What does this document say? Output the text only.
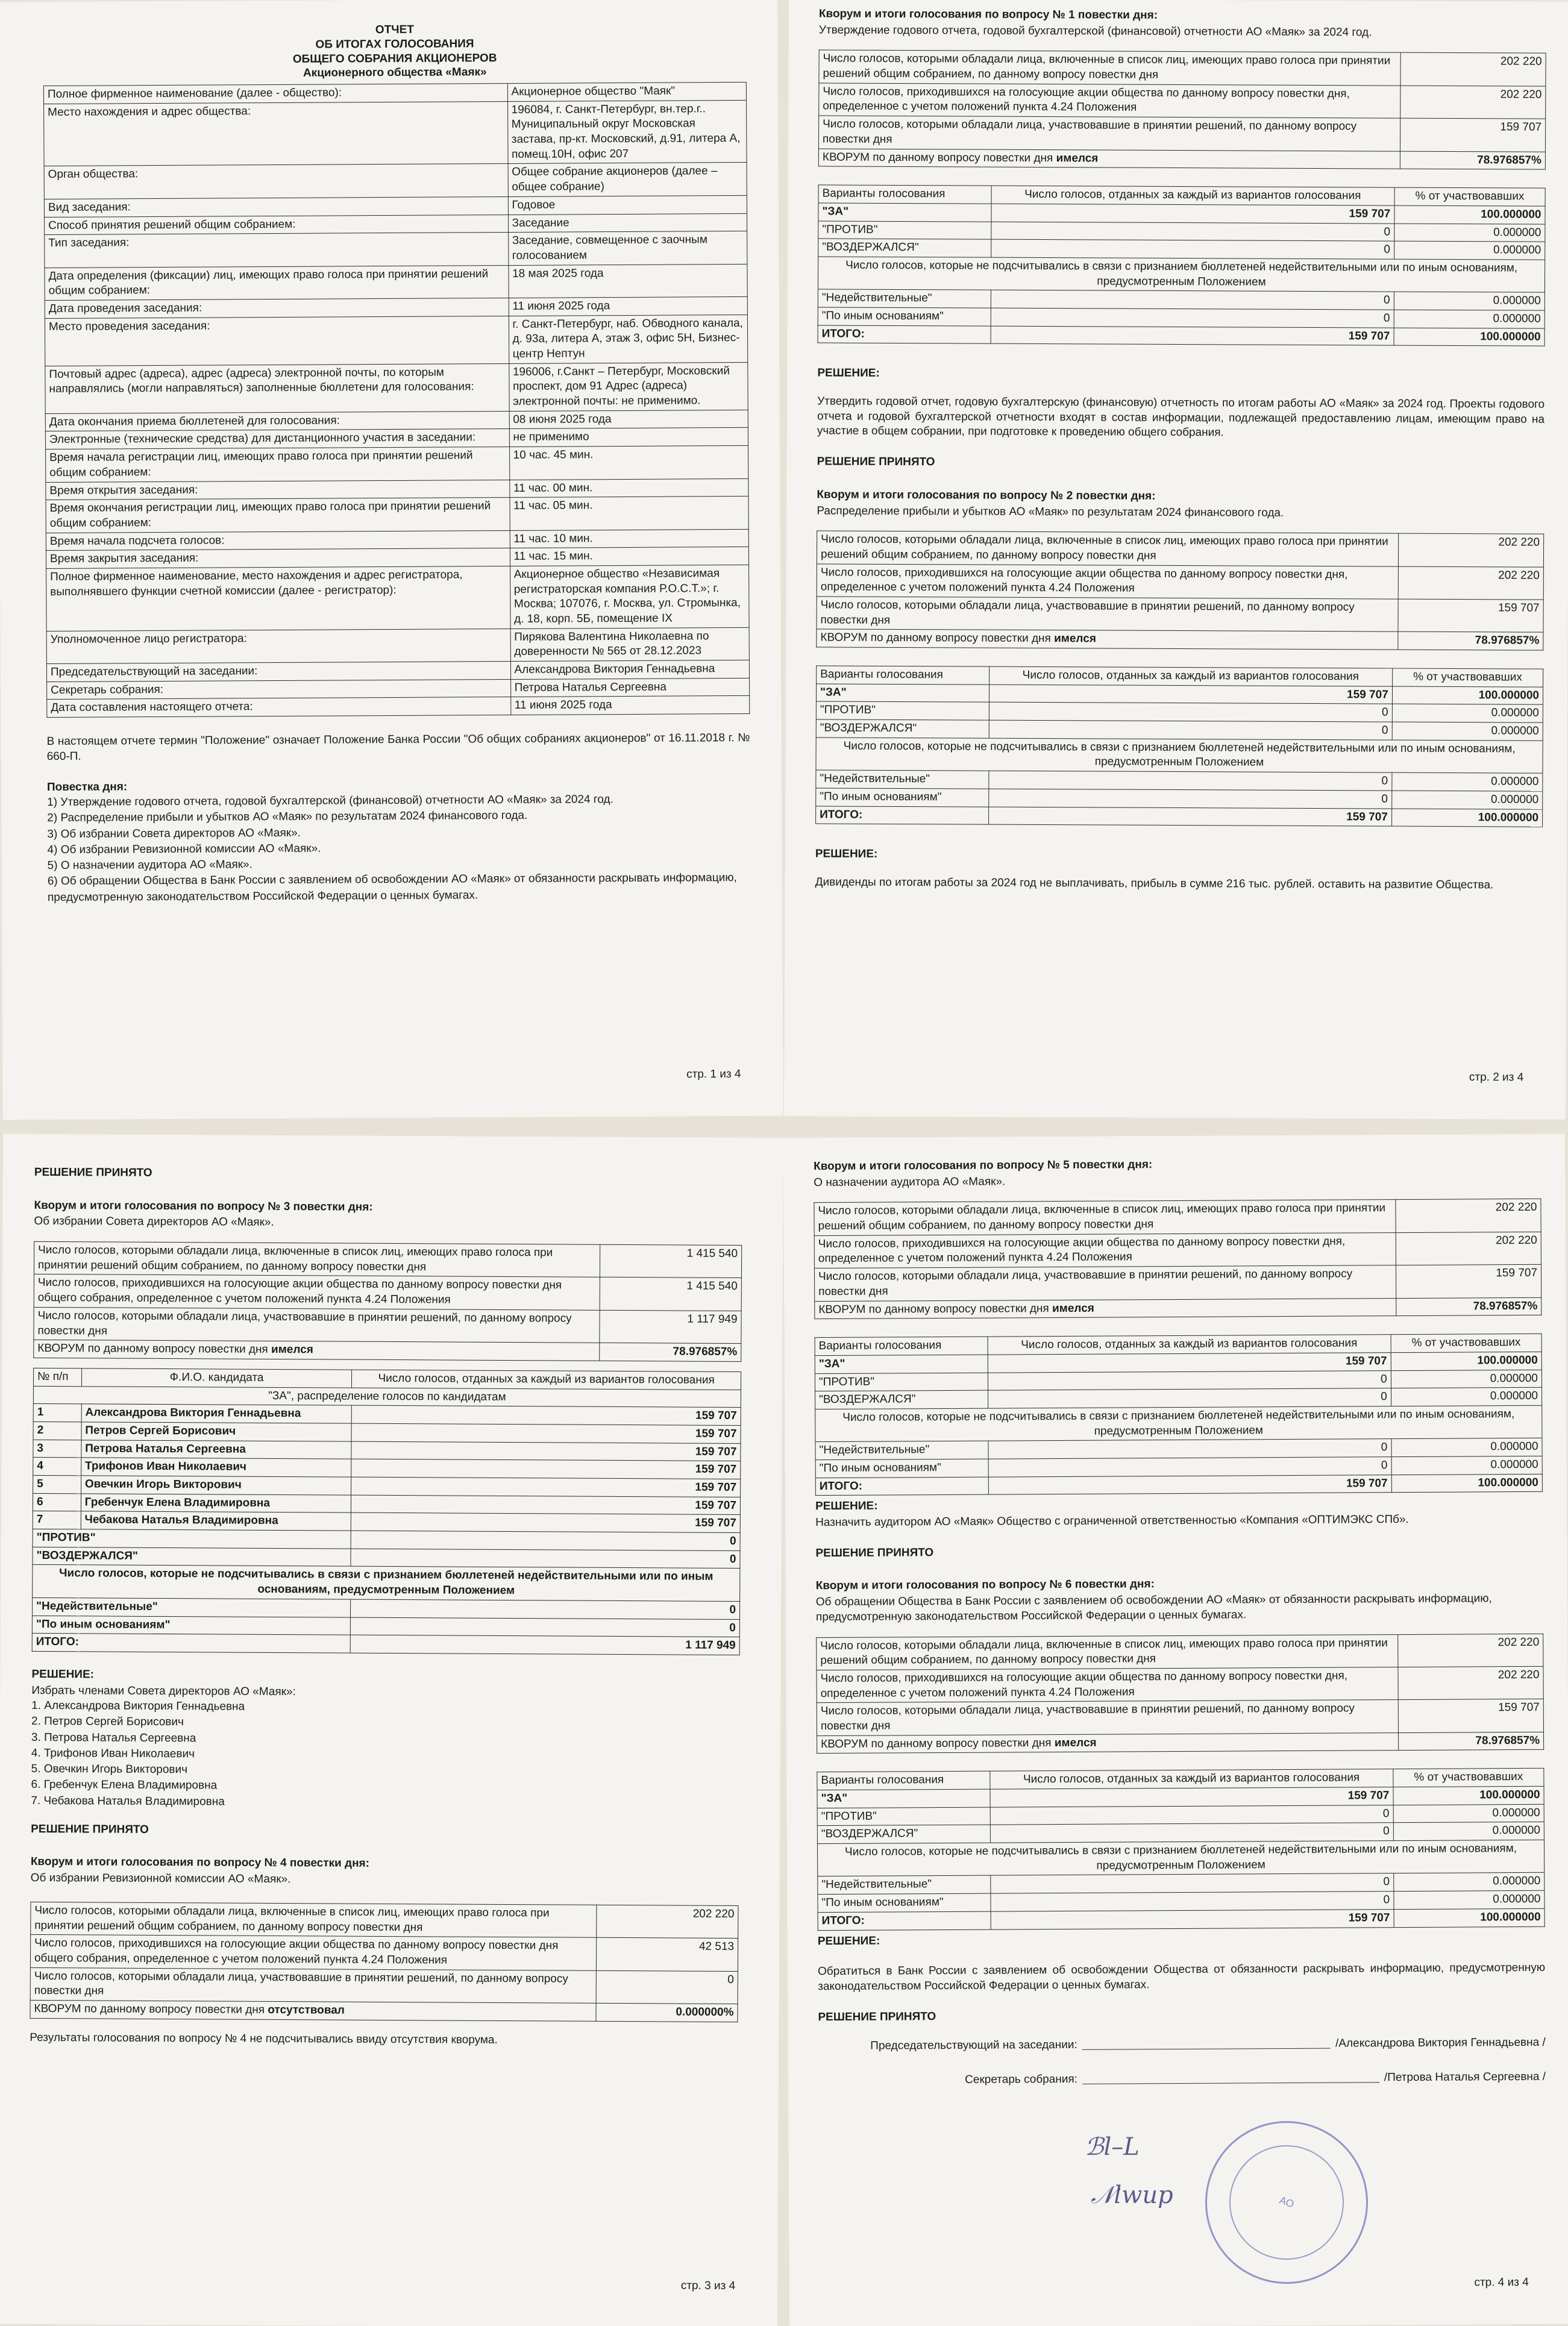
ОТЧЕТ
ОБ ИТОГАХ ГОЛОСОВАНИЯ
ОБЩЕГО СОБРАНИЯ АКЦИОНЕРОВ
Акционерного общества «Маяк»
Полное фирменное наименование (далее - общество):	Акционерное общество "Маяк"
Место нахождения и адрес общества:	196084, г. Санкт-Петербург, вн.тер.г.. Муниципальный округ Московская застава, пр-кт. Московский, д.91, литера А, помещ.10Н, офис 207
Орган общества:	Общее собрание акционеров (далее – общее собрание)
Вид заседания:	Годовое
Способ принятия решений общим собранием:	Заседание
Тип заседания:	Заседание, совмещенное с заочным голосованием
Дата определения (фиксации) лиц, имеющих право голоса при принятии решений общим собранием:	18 мая 2025 года
Дата проведения заседания:	11 июня 2025 года
Место проведения заседания:	г. Санкт-Петербург, наб. Обводного канала, д. 93а, литера А, этаж 3, офис 5Н, Бизнес-центр Нептун
Почтовый адрес (адреса), адрес (адреса) электронной почты, по которым направлялись (могли направляться) заполненные бюллетени для голосования:	196006, г.Санкт – Петербург, Московский проспект, дом 91 Адрес (адреса) электронной почты: не применимо.
Дата окончания приема бюллетеней для голосования:	08 июня 2025 года
Электронные (технические средства) для дистанционного участия в заседании:	не применимо
Время начала регистрации лиц, имеющих право голоса при принятии решений общим собранием:	10 час. 45 мин.
Время открытия заседания:	11 час. 00 мин.
Время окончания регистрации лиц, имеющих право голоса при принятии решений общим собранием:	11 час. 05 мин.
Время начала подсчета голосов:	11 час. 10 мин.
Время закрытия заседания:	11 час. 15 мин.
Полное фирменное наименование, место нахождения и адрес регистратора, выполнявшего функции счетной комиссии (далее - регистратор):	Акционерное общество «Независимая регистраторская компания Р.О.С.Т.»; г. Москва; 107076, г. Москва, ул. Стромынка, д. 18, корп. 5Б, помещение IX
Уполномоченное лицо регистратора:	Пирякова Валентина Николаевна по доверенности № 565 от 28.12.2023
Председательствующий на заседании:	Александрова Виктория Геннадьевна
Секретарь собрания:	Петрова Наталья Сергеевна
Дата составления настоящего отчета:	11 июня 2025 года

В настоящем отчете термин "Положение" означает Положение Банка России "Об общих собраниях акционеров" от 16.11.2018 г. № 660-П.

Повестка дня:
1) Утверждение годового отчета, годовой бухгалтерской (финансовой) отчетности АО «Маяк» за 2024 год.
2) Распределение прибыли и убытков АО «Маяк» по результатам 2024 финансового года.
3) Об избрании Совета директоров АО «Маяк».
4) Об избрании Ревизионной комиссии АО «Маяк».
5) О назначении аудитора АО «Маяк».
6) Об обращении Общества в Банк России с заявлением об освобождении АО «Маяк» от обязанности раскрывать информацию, предусмотренную законодательством Российской Федерации о ценных бумагах.
стр. 1 из 4
Кворум и итоги голосования по вопросу № 1 повестки дня:
Утверждение годового отчета, годовой бухгалтерской (финансовой) отчетности АО «Маяк» за 2024 год.
Число голосов, которыми обладали лица, включенные в список лиц, имеющих право голоса при принятии решений общим собранием, по данному вопросу повестки дня	202 220
Число голосов, приходившихся на голосующие акции общества по данному вопросу повестки дня, определенное с учетом положений пункта 4.24 Положения	202 220
Число голосов, которыми обладали лица, участвовавшие в принятии решений, по данному вопросу повестки дня	159 707
КВОРУМ по данному вопросу повестки дня имелся	78.976857%
Варианты голосования	Число голосов, отданных за каждый из вариантов голосования	% от участвовавших
"ЗА"	159 707	100.000000
"ПРОТИВ"	0	0.000000
"ВОЗДЕРЖАЛСЯ"	0	0.000000
Число голосов, которые не подсчитывались в связи с признанием бюллетеней недействительными или по иным основаниям, предусмотренным Положением		
"Недействительные"	0	0.000000
"По иным основаниям"	0	0.000000
ИТОГО:	159 707	100.000000
РЕШЕНИЕ:

Утвердить годовой отчет, годовую бухгалтерскую (финансовую) отчетность по итогам работы АО «Маяк» за 2024 год. Проекты годового отчета и годовой бухгалтерской отчетности входят в состав информации, подлежащей предоставлению лицам, имеющим право на участие в общем собрании, при подготовке к проведению общего собрания.

РЕШЕНИЕ ПРИНЯТО
Кворум и итоги голосования по вопросу № 2 повестки дня:
Распределение прибыли и убытков АО «Маяк» по результатам 2024 финансового года.
Число голосов, которыми обладали лица, включенные в список лиц, имеющих право голоса при принятии решений общим собранием, по данному вопросу повестки дня	202 220
Число голосов, приходившихся на голосующие акции общества по данному вопросу повестки дня, определенное с учетом положений пункта 4.24 Положения	202 220
Число голосов, которыми обладали лица, участвовавшие в принятии решений, по данному вопросу повестки дня	159 707
КВОРУМ по данному вопросу повестки дня имелся	78.976857%
Варианты голосования	Число голосов, отданных за каждый из вариантов голосования	% от участвовавших
"ЗА"	159 707	100.000000
"ПРОТИВ"	0	0.000000
"ВОЗДЕРЖАЛСЯ"	0	0.000000
Число голосов, которые не подсчитывались в связи с признанием бюллетеней недействительными или по иным основаниям, предусмотренным Положением		
"Недействительные"	0	0.000000
"По иным основаниям"	0	0.000000
ИТОГО:	159 707	100.000000
РЕШЕНИЕ:

Дивиденды по итогам работы за 2024 год не выплачивать, прибыль в сумме 216 тыс. рублей. оставить на развитие Общества.

стр. 2 из 4
РЕШЕНИЕ ПРИНЯТО
Кворум и итоги голосования по вопросу № 3 повестки дня:
Об избрании Совета директоров АО «Маяк».
Число голосов, которыми обладали лица, включенные в список лиц, имеющих право голоса при принятии решений общим собранием, по данному вопросу повестки дня	1 415 540
Число голосов, приходившихся на голосующие акции общества по данному вопросу повестки дня общего собрания, определенное с учетом положений пункта 4.24 Положения	1 415 540
Число голосов, которыми обладали лица, участвовавшие в принятии решений, по данному вопросу повестки дня	1 117 949
КВОРУМ по данному вопросу повестки дня имелся	78.976857%
№ п/п	Ф.И.О. кандидата	Число голосов, отданных за каждый из вариантов голосования
"ЗА", распределение голосов по кандидатам		
1	Александрова Виктория Геннадьевна	159 707
2	Петров Сергей Борисович	159 707
3	Петрова Наталья Сергеевна	159 707
4	Трифонов Иван Николаевич	159 707
5	Овечкин Игорь Викторович	159 707
6	Гребенчук Елена Владимировна	159 707
7	Чебакова Наталья Владимировна	159 707
"ПРОТИВ"		0
"ВОЗДЕРЖАЛСЯ"		0
Число голосов, которые не подсчитывались в связи с признанием бюллетеней недействительными или по иным основаниям, предусмотренным Положением		
"Недействительные"		0
"По иным основаниям"		0
ИТОГО:		1 117 949
РЕШЕНИЕ:
Избрать членами Совета директоров АО «Маяк»:
1. Александрова Виктория Геннадьевна
2. Петров Сергей Борисович
3. Петрова Наталья Сергеевна
4. Трифонов Иван Николаевич
5. Овечкин Игорь Викторович
6. Гребенчук Елена Владимировна
7. Чебакова Наталья Владимировна
РЕШЕНИЕ ПРИНЯТО
Кворум и итоги голосования по вопросу № 4 повестки дня:
Об избрании Ревизионной комиссии АО «Маяк».
Число голосов, которыми обладали лица, включенные в список лиц, имеющих право голоса при принятии решений общим собранием, по данному вопросу повестки дня	202 220
Число голосов, приходившихся на голосующие акции общества по данному вопросу повестки дня общего собрания, определенное с учетом положений пункта 4.24 Положения	42 513
Число голосов, которыми обладали лица, участвовавшие в принятии решений, по данному вопросу повестки дня	0
КВОРУМ по данному вопросу повестки дня отсутствовал	0.000000%

Результаты голосования по вопросу № 4 не подсчитывались ввиду отсутствия кворума.

стр. 3 из 4
Кворум и итоги голосования по вопросу № 5 повестки дня:
О назначении аудитора АО «Маяк».
Число голосов, которыми обладали лица, включенные в список лиц, имеющих право голоса при принятии решений общим собранием, по данному вопросу повестки дня	202 220
Число голосов, приходившихся на голосующие акции общества по данному вопросу повестки дня, определенное с учетом положений пункта 4.24 Положения	202 220
Число голосов, которыми обладали лица, участвовавшие в принятии решений, по данному вопросу повестки дня	159 707
КВОРУМ по данному вопросу повестки дня имелся	78.976857%
Варианты голосования	Число голосов, отданных за каждый из вариантов голосования	% от участвовавших
"ЗА"	159 707	100.000000
"ПРОТИВ"	0	0.000000
"ВОЗДЕРЖАЛСЯ"	0	0.000000
Число голосов, которые не подсчитывались в связи с признанием бюллетеней недействительными или по иным основаниям, предусмотренным Положением		
"Недействительные"	0	0.000000
"По иным основаниям"	0	0.000000
ИТОГО:	159 707	100.000000
РЕШЕНИЕ:

Назначить аудитором АО «Маяк» Общество с ограниченной ответственностью «Компания «ОПТИМЭКС СПб».

РЕШЕНИЕ ПРИНЯТО
Кворум и итоги голосования по вопросу № 6 повестки дня:
Об обращении Общества в Банк России с заявлением об освобождении АО «Маяк» от обязанности раскрывать информацию, предусмотренную законодательством Российской Федерации о ценных бумагах.
Число голосов, которыми обладали лица, включенные в список лиц, имеющих право голоса при принятии решений общим собранием, по данному вопросу повестки дня	202 220
Число голосов, приходившихся на голосующие акции общества по данному вопросу повестки дня, определенное с учетом положений пункта 4.24 Положения	202 220
Число голосов, которыми обладали лица, участвовавшие в принятии решений, по данному вопросу повестки дня	159 707
КВОРУМ по данному вопросу повестки дня имелся	78.976857%
Варианты голосования	Число голосов, отданных за каждый из вариантов голосования	% от участвовавших
"ЗА"	159 707	100.000000
"ПРОТИВ"	0	0.000000
"ВОЗДЕРЖАЛСЯ"	0	0.000000
Число голосов, которые не подсчитывались в связи с признанием бюллетеней недействительными или по иным основаниям, предусмотренным Положением		
"Недействительные"	0	0.000000
"По иным основаниям"	0	0.000000
ИТОГО:	159 707	100.000000
РЕШЕНИЕ:

Обратиться в Банк России с заявлением об освобождении Общества от обязанности раскрывать информацию, предусмотренную законодательством Российской Федерации о ценных бумагах.

РЕШЕНИЕ ПРИНЯТО
Председательствующий на заседании:	/Александрова Виктория Геннадьевна /
Секретарь собрания:	/Петрова Наталья Сергеевна /
стр. 4 из 4
АО
ℬl–L
𝒩lwup
